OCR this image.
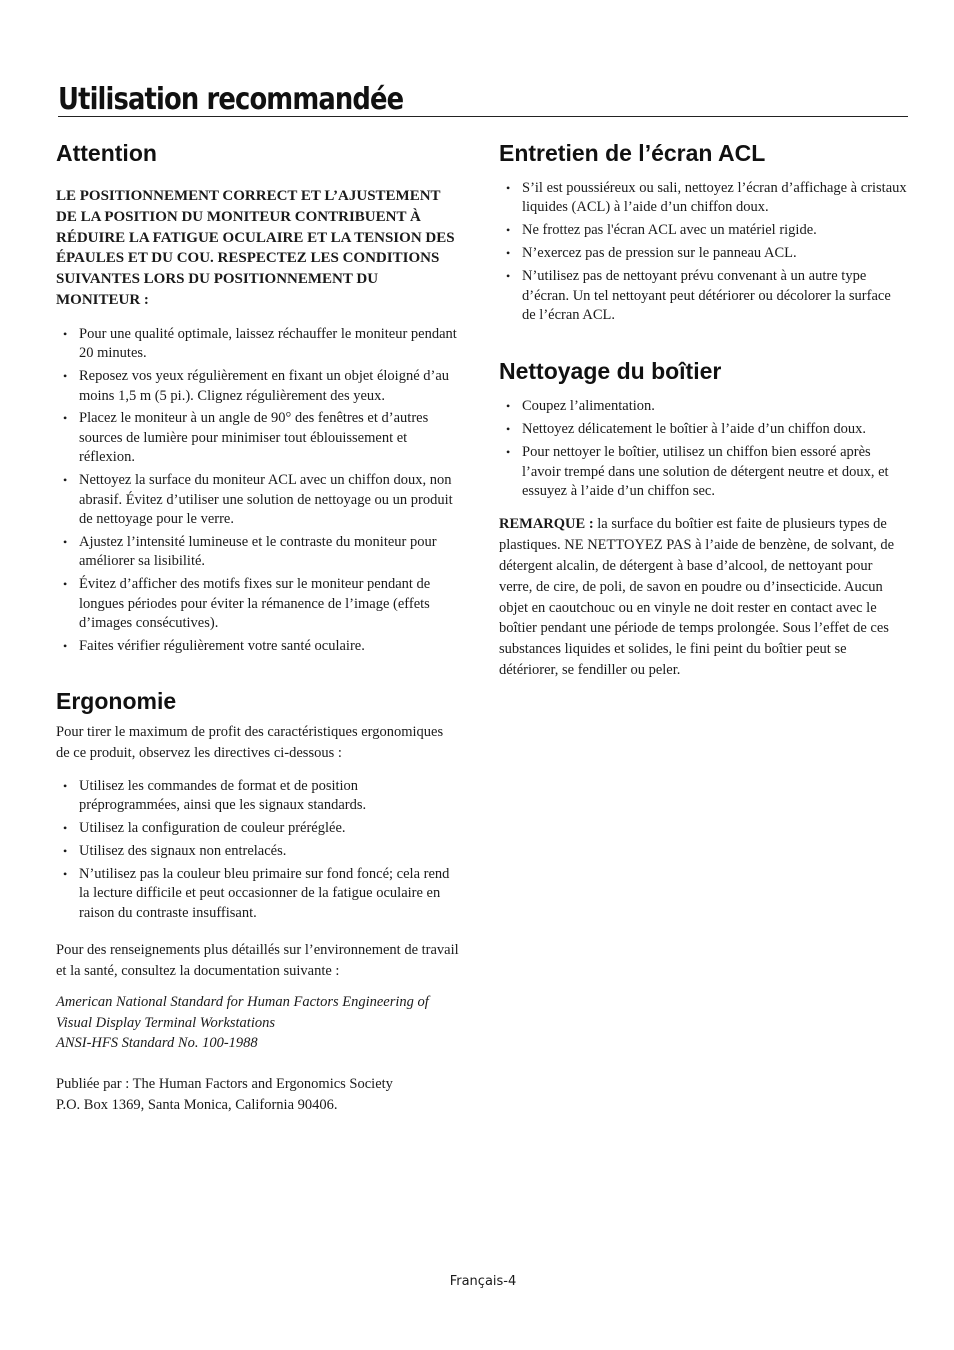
Utilisation recommandée
Attention

LE POSITIONNEMENT CORRECT ET L’AJUSTEMENT DE LA POSITION DU MONITEUR CONTRIBUENT À RÉDUIRE LA FATIGUE OCULAIRE ET LA TENSION DES ÉPAULES ET DU COU. RESPECTEZ LES CONDITIONS SUIVANTES LORS DU POSITIONNEMENT DU MONITEUR :

• Pour une qualité optimale, laissez réchauffer le moniteur pendant 20 minutes.
• Reposez vos yeux régulièrement en fixant un objet éloigné d’au moins 1,5 m (5 pi.). Clignez régulièrement des yeux.
• Placez le moniteur à un angle de 90° des fenêtres et d’autres sources de lumière pour minimiser tout éblouissement et réflexion.
• Nettoyez la surface du moniteur ACL avec un chiffon doux, non abrasif. Évitez d’utiliser une solution de nettoyage ou un produit de nettoyage pour le verre.
• Ajustez l’intensité lumineuse et le contraste du moniteur pour améliorer sa lisibilité.
• Évitez d’afficher des motifs fixes sur le moniteur pendant de longues périodes pour éviter la rémanence de l’image (effets d’images consécutives).
• Faites vérifier régulièrement votre santé oculaire.
Ergonomie

Pour tirer le maximum de profit des caractéristiques ergonomiques de ce produit, observez les directives ci-dessous :

• Utilisez les commandes de format et de position préprogrammées, ainsi que les signaux standards.
• Utilisez la configuration de couleur préréglée.
• Utilisez des signaux non entrelacés.
• N’utilisez pas la couleur bleu primaire sur fond foncé; cela rend la lecture difficile et peut occasionner de la fatigue oculaire en raison du contraste insuffisant.

Pour des renseignements plus détaillés sur l’environnement de travail et la santé, consultez la documentation suivante :

American National Standard for Human Factors Engineering of

Visual Display Terminal Workstations

ANSI-HFS Standard No. 100-1988

Publiée par : The Human Factors and Ergonomics Society

P.O. Box 1369, Santa Monica, California 90406.

Entretien de l’écran ACL
• S’il est poussiéreux ou sali, nettoyez l’écran d’affichage à cristaux liquides (ACL) à l’aide d’un chiffon doux.
• Ne frottez pas l'écran ACL avec un matériel rigide.
• N’exercez pas de pression sur le panneau ACL.
• N’utilisez pas de nettoyant prévu convenant à un autre type d’écran. Un tel nettoyant peut détériorer ou décolorer la surface de l’écran ACL.
Nettoyage du boîtier
• Coupez l’alimentation.
• Nettoyez délicatement le boîtier à l’aide d’un chiffon doux.
• Pour nettoyer le boîtier, utilisez un chiffon bien essoré après l’avoir trempé dans une solution de détergent neutre et doux, et essuyez à l’aide d’un chiffon sec.

REMARQUE : la surface du boîtier est faite de plusieurs types de plastiques. NE NETTOYEZ PAS à l’aide de benzène, de solvant, de détergent alcalin, de détergent à base d’alcool, de nettoyant pour verre, de cire, de poli, de savon en poudre ou d’insecticide. Aucun objet en caoutchouc ou en vinyle ne doit rester en contact avec le boîtier pendant une période de temps prolongée. Sous l’effet de ces substances liquides et solides, le fini peint du boîtier peut se détériorer, se fendiller ou peler.

Français-4
